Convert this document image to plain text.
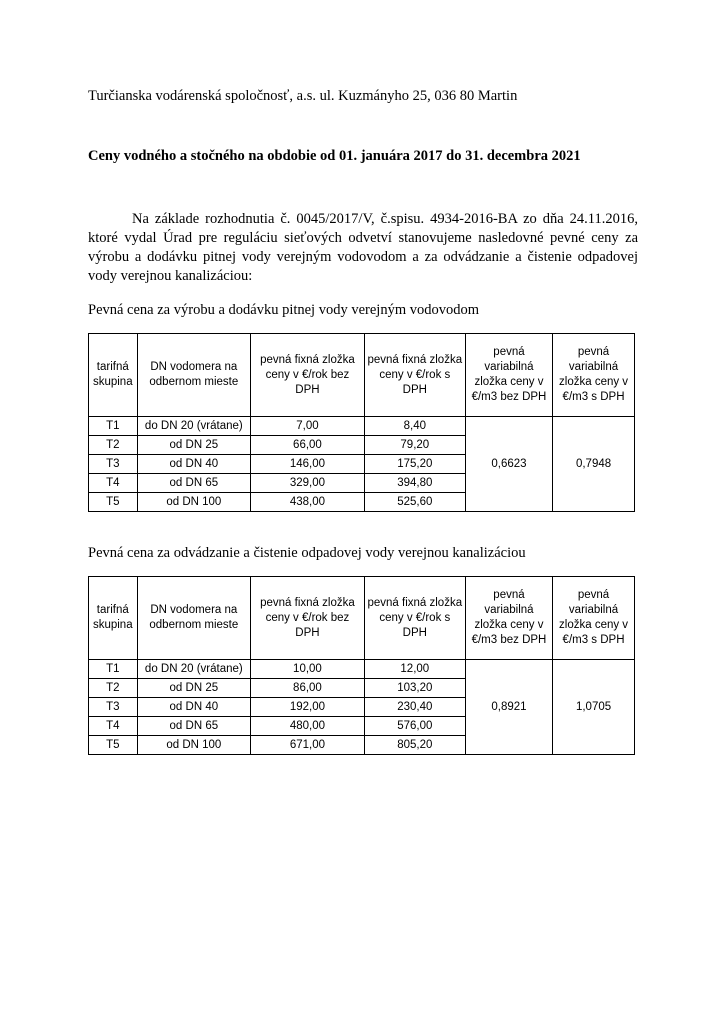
Turčianska vodárenská spoločnosť, a.s. ul. Kuzmányho 25, 036 80 Martin
Ceny vodného a stočného na obdobie od 01. januára 2017 do 31. decembra 2021

Na základe rozhodnutia č. 0045/2017/V, č.spisu. 4934-2016-BA zo dňa 24.11.2016, ktoré vydal Úrad pre reguláciu sieťových odvetví stanovujeme nasledovné pevné ceny za výrobu a dodávku pitnej vody verejným vodovodom a za odvádzanie a čistenie odpadovej vody verejnou kanalizáciou:

Pevná cena za výrobu a dodávku pitnej vody verejným vodovodom
tarifná skupina	DN vodomera na odbernom mieste	pevná fixná zložka ceny v €/rok bez DPH	pevná fixná zložka ceny v €/rok s DPH	pevná variabilná zložka ceny v €/m3 bez DPH	pevná variabilná zložka ceny v €/m3 s DPH
T1	do DN 20 (vrátane)	7,00	8,40	0,6623	0,7948
T2	od DN 25	66,00	79,20		
T3	od DN 40	146,00	175,20		
T4	od DN 65	329,00	394,80		
T5	od DN 100	438,00	525,60		
Pevná cena za odvádzanie a čistenie odpadovej vody verejnou kanalizáciou
tarifná skupina	DN vodomera na odbernom mieste	pevná fixná zložka ceny v €/rok bez DPH	pevná fixná zložka ceny v €/rok s DPH	pevná variabilná zložka ceny v €/m3 bez DPH	pevná variabilná zložka ceny v €/m3 s DPH
T1	do DN 20 (vrátane)	10,00	12,00	0,8921	1,0705
T2	od DN 25	86,00	103,20		
T3	od DN 40	192,00	230,40		
T4	od DN 65	480,00	576,00		
T5	od DN 100	671,00	805,20		
